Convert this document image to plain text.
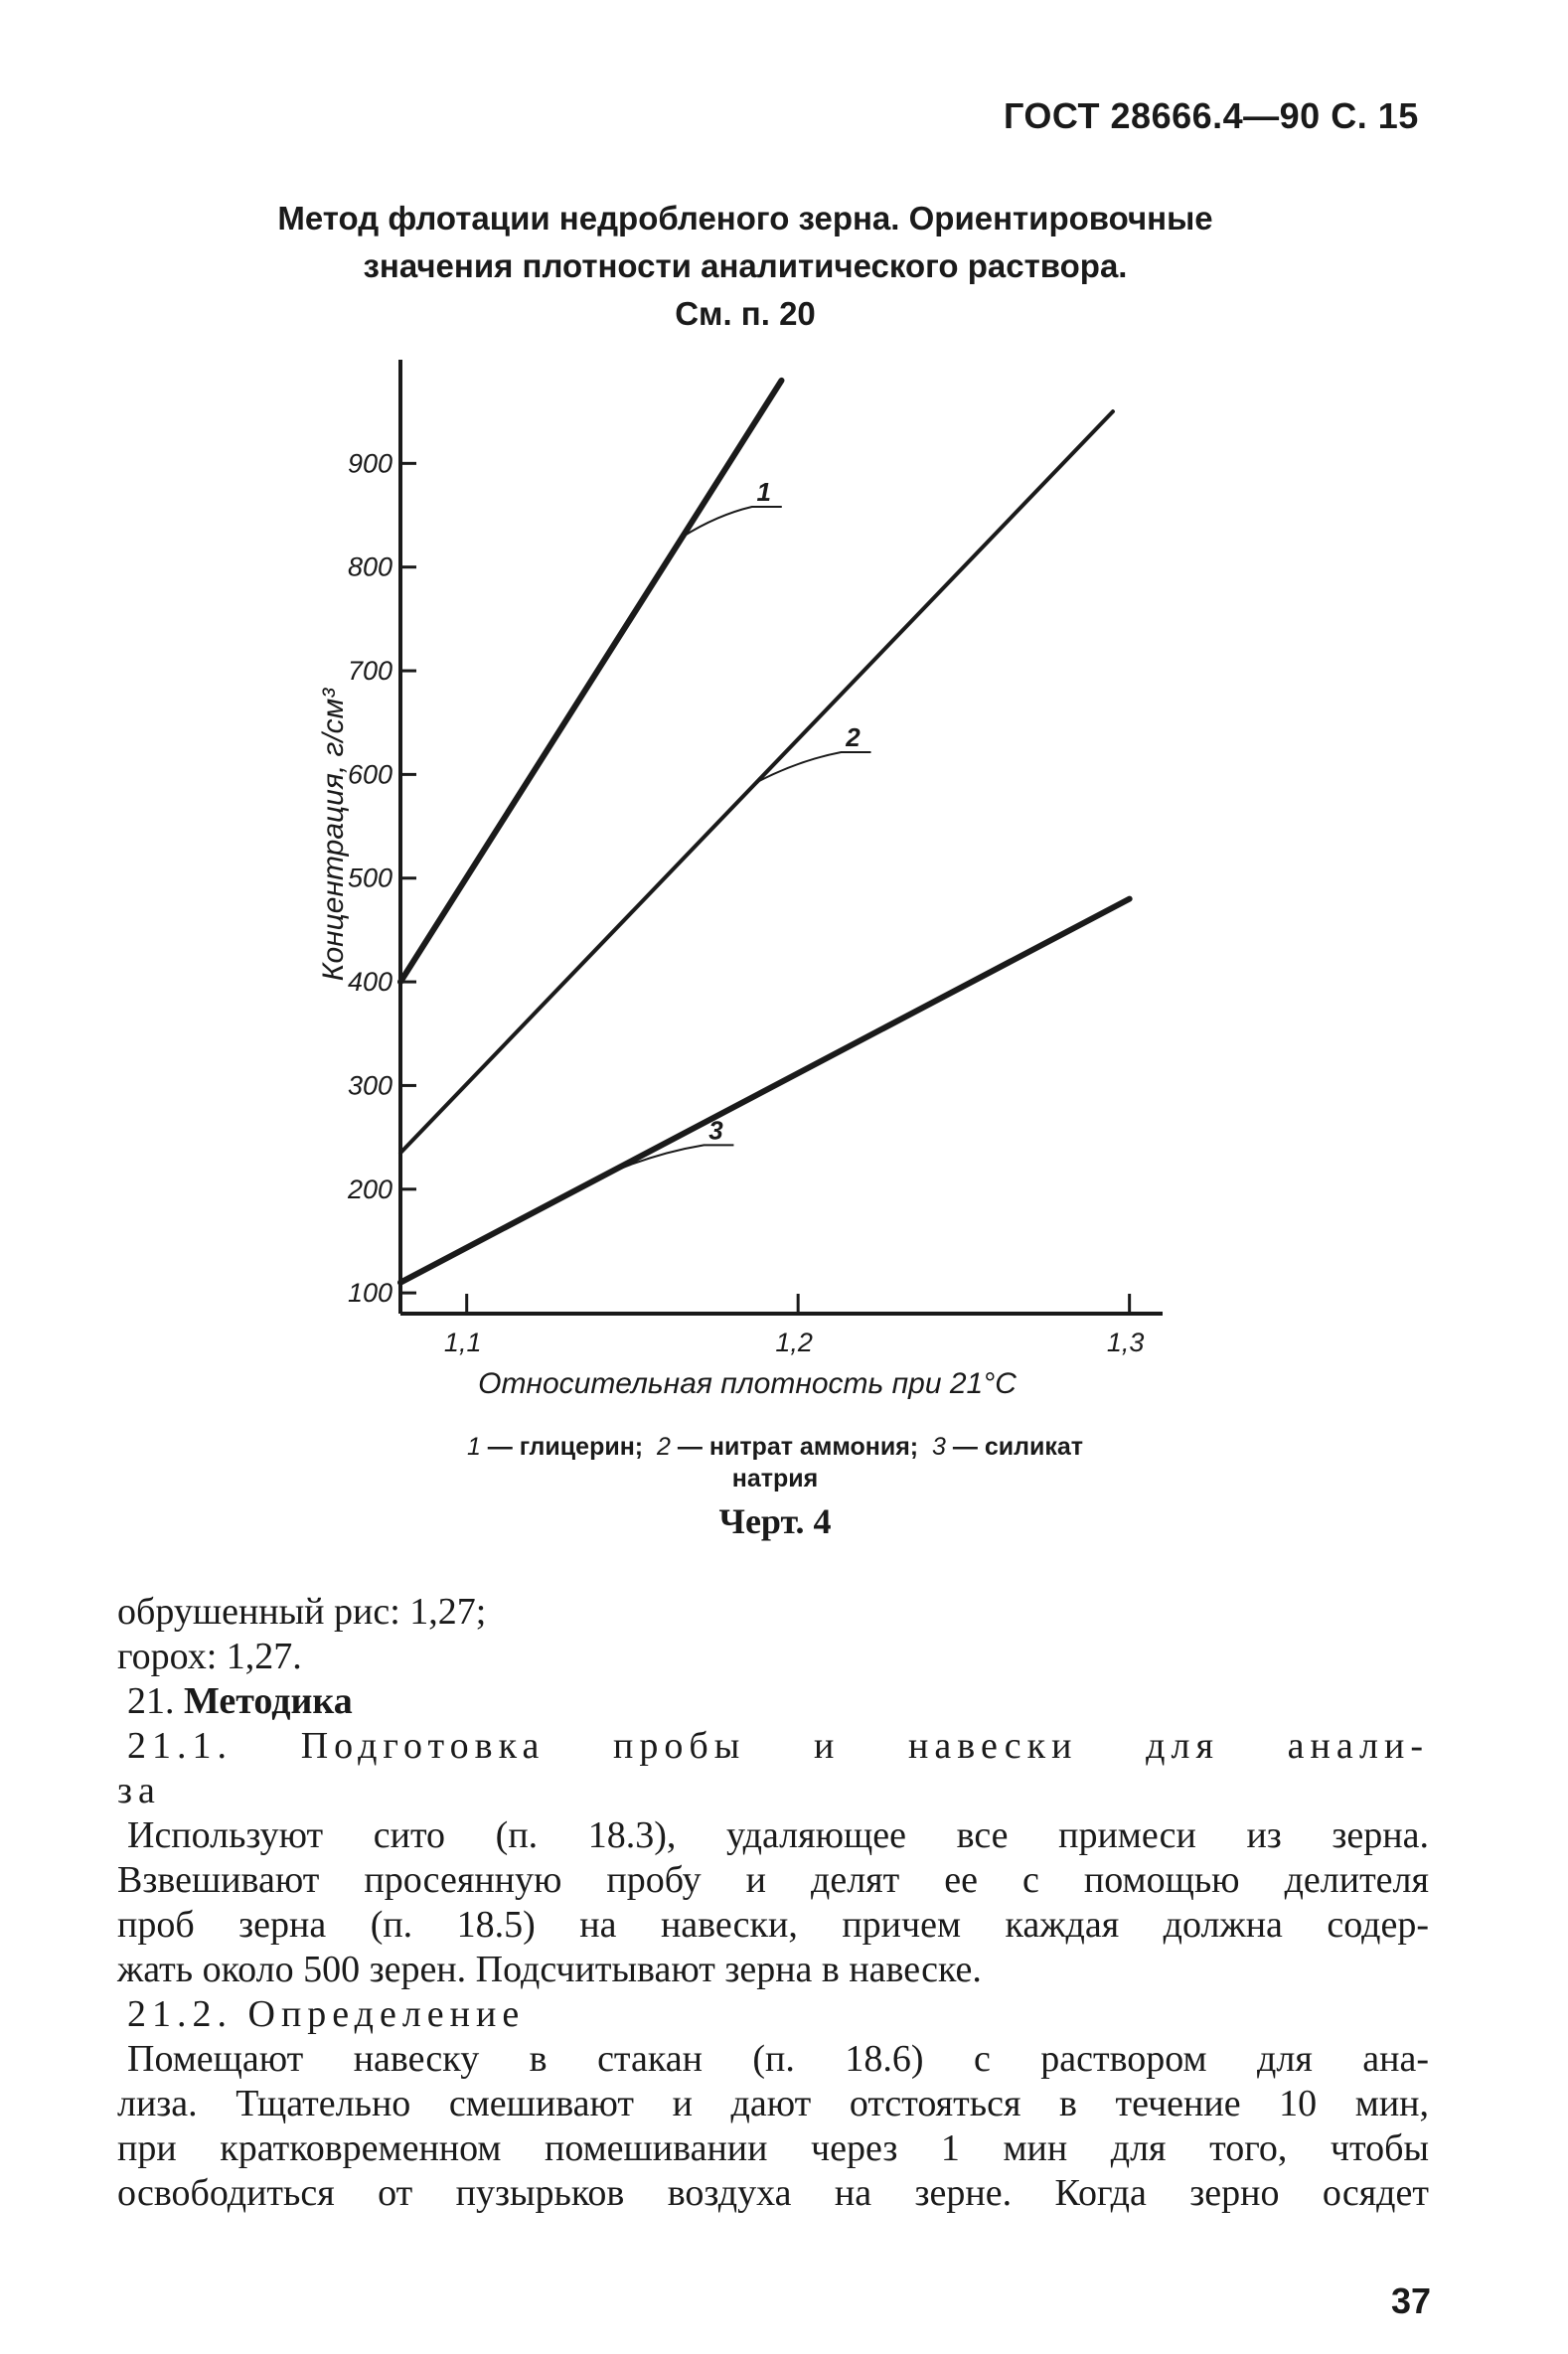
ГОСТ 28666.4—90 С. 15
Метод флотации недробленого зерна. Ориентировочные
значения плотности аналитического раствора.
См. п. 20
100
200
300
400
500
600
700
800
900
1,1	1,2	1,3
Относительная плотность при 21°С
Концентрация, г/см³
1
2
3
1 — глицерин; 2 — нитрат аммония; 3 — силикат
натрия
Черт. 4

обрушенный рис: 1,27;

горох: 1,27.

21. Методика

21.1. Подготовка пробы и навески для анали-

за

Используют сито (п. 18.3), удаляющее все примеси из зерна.

Взвешивают просеянную пробу и делят ее с помощью делителя

проб зерна (п. 18.5) на навески, причем каждая должна содер-

жать около 500 зерен. Подсчитывают зерна в навеске.

21.2. Определение

Помещают навеску в стакан (п. 18.6) с раствором для ана-

лиза. Тщательно смешивают и дают отстояться в течение 10 мин,

при кратковременном помешивании через 1 мин для того, чтобы

освободиться от пузырьков воздуха на зерне. Когда зерно осядет

37
